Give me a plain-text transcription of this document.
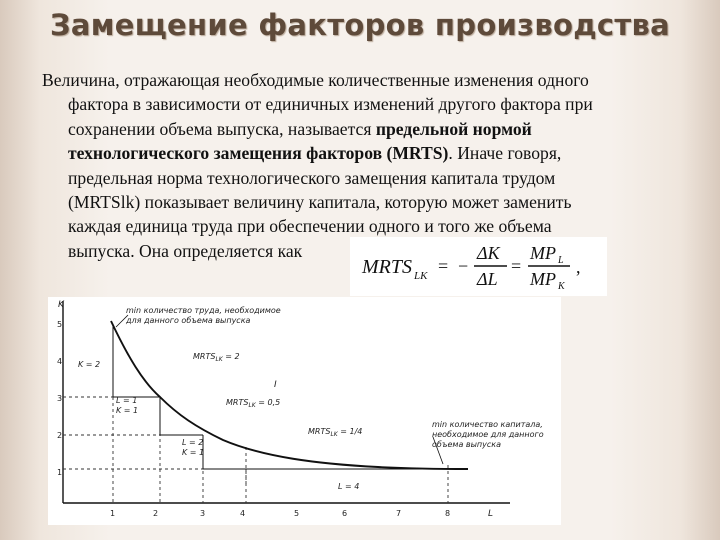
Замещение факторов производства
Величина, отражающая необходимые количественные изменения одного
фактора в зависимости от единичных изменений другого фактора при
сохранении объема выпуска, называется предельной нормой
технологического замещения факторов (MRTS). Иначе говоря,
предельная норма технологического замещения капитала трудом
(MRTSlk) показывает величину капитала, которую может заменить
каждая единица труда при обеспечении одного и того же объема
выпуска. Она определяется как
MRTS LK = −
ΔK
ΔL
=
MP L
MP K
,
K
L
5
4
3
2
1
1	2	3	4	5	6	7	8
I
min количество труда, необходимое
для данного объема выпуска
min количество капитала,
необходимое для данного
объема выпуска
$MRTS_{LK} = 2$
$MRTS_{LK} = 0,5$
$MRTS_{LK} = 1/4$
K = 2
L = 1
K = 1
L = 2
K = 1
L = 4
